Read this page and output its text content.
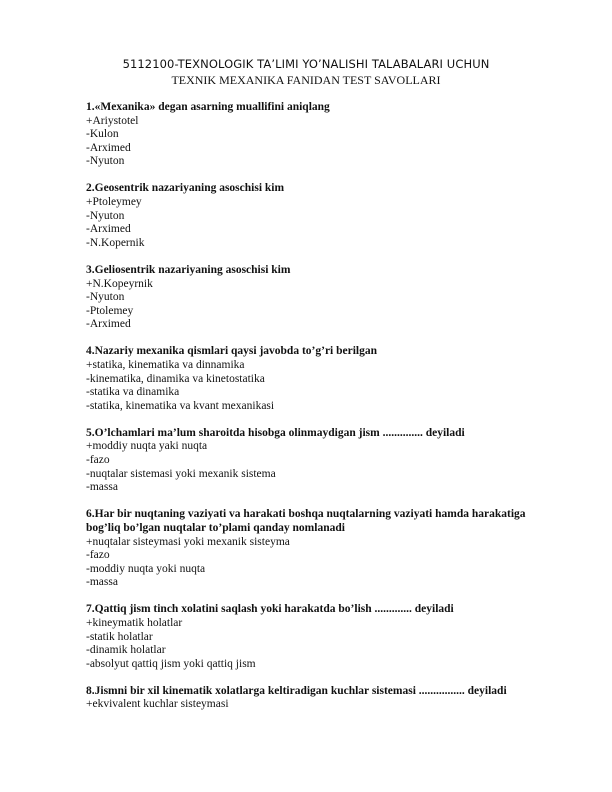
5112100-TEXNOLOGIK TA’LIMI YO’NALISHI TALABALARI UCHUN
TEXNIK MEXANIKA FANIDAN TEST SAVOLLARI
1.«Mexanika» degan asarning muallifini aniqlang
+Ariystotel
-Kulon
-Arximed
-Nyuton
2.Geosentrik nazariyaning asoschisi kim
+Ptoleymey
-Nyuton
-Arximed
-N.Kopernik
3.Geliosentrik nazariyaning asoschisi kim
+N.Kopeyrnik
-Nyuton
-Ptolemey
-Arximed
4.Nazariy mexanika qismlari qaysi javobda to’g’ri berilgan
+statika, kinematika va dinnamika
-kinematika, dinamika va kinetostatika
-statika va dinamika
-statika, kinematika va kvant mexanikasi
5.O’lchamlari ma’lum sharoitda hisobga olinmaydigan jism .............. deyiladi
+moddiy nuqta yaki nuqta
-fazo
-nuqtalar sistemasi yoki mexanik sistema
-massa
6.Har bir nuqtaning vaziyati va harakati boshqa nuqtalarning vaziyati hamda harakatiga bog’liq bo’lgan nuqtalar to’plami qanday nomlanadi
+nuqtalar sisteymasi yoki mexanik sisteyma
-fazo
-moddiy nuqta yoki nuqta
-massa
7.Qattiq jism tinch xolatini saqlash yoki harakatda bo’lish ............. deyiladi
+kineymatik holatlar
-statik holatlar
-dinamik holatlar
-absolyut qattiq jism yoki qattiq jism
8.Jismni bir xil kinematik xolatlarga keltiradigan kuchlar sistemasi ................ deyiladi
+ekvivalent kuchlar sisteymasi
